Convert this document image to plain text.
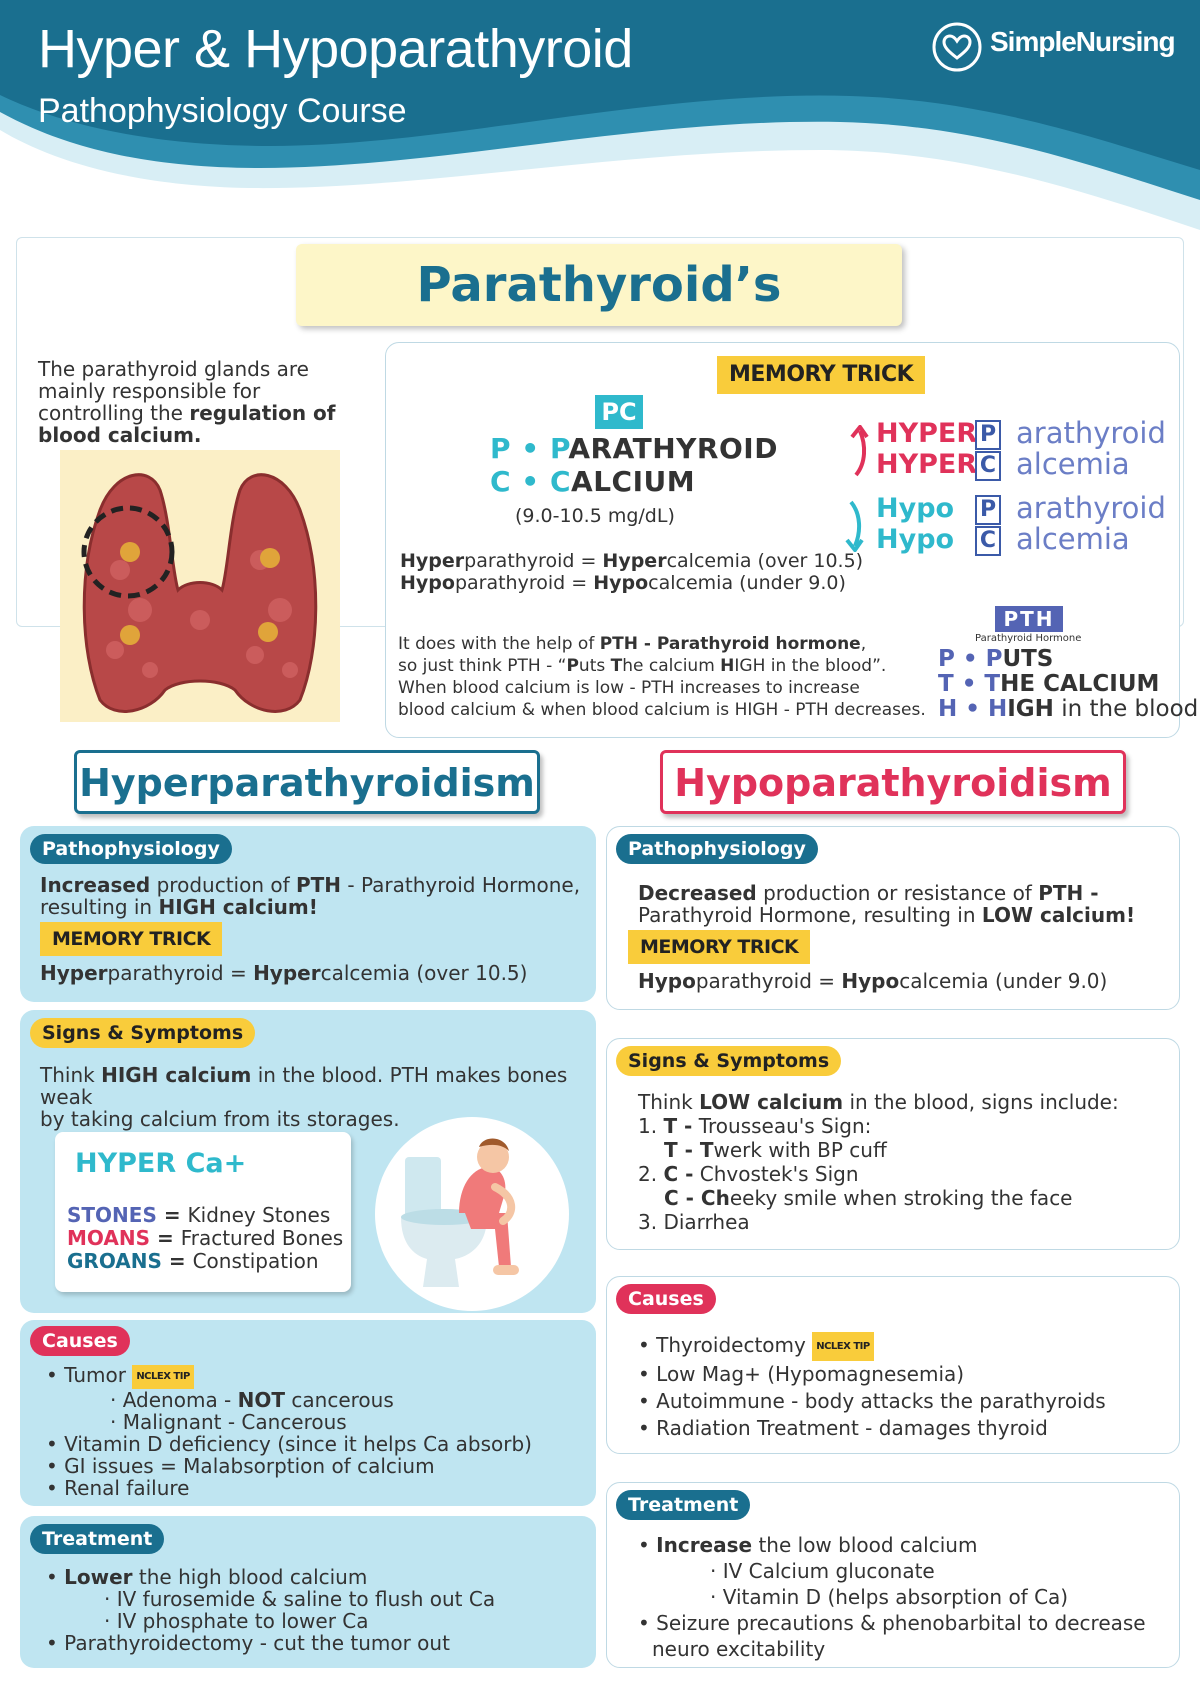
Hyper & Hypoparathyroid
Pathophysiology Course
SimpleNursing
Parathyroid’s
The parathyroid glands are mainly responsible for controlling the regulation of blood calcium.
MEMORY TRICK
PC
P • PARATHYROID
C • CALCIUM
(9.0-10.5 mg/dL)
Hyperparathyroid = Hypercalcemia (over 10.5)
Hypoparathyroid = Hypocalcemia (under 9.0)
HYPER
HYPER
P
C
arathyroid
alcemia
Hypo
Hypo
P
C
arathyroid
alcemia
It does with the help of PTH - Parathyroid hormone,
so just think PTH - “Puts The calcium HIGH in the blood”.
When blood calcium is low - PTH increases to increase
blood calcium & when blood calcium is HIGH - PTH decreases.
PTH
Parathyroid Hormone
P • PUTS
T • THE CALCIUM
H • HIGH in the blood
Hyperparathyroidism	Hypoparathyroidism
Pathophysiology
Increased production of PTH - Parathyroid Hormone,
resulting in HIGH calcium!
MEMORY TRICK
Hyperparathyroid = Hypercalcemia (over 10.5)
Signs & Symptoms
Think HIGH calcium in the blood. PTH makes bones weak
by taking calcium from its storages.
HYPER Ca+
STONES = Kidney Stones
MOANS = Fractured Bones
GROANS = Constipation
Causes
• Tumor NCLEX TIP
· Adenoma - NOT cancerous
· Malignant - Cancerous
• Vitamin D deficiency (since it helps Ca absorb)
• GI issues = Malabsorption of calcium
• Renal failure
Treatment
• Lower the high blood calcium
· IV furosemide & saline to flush out Ca
· IV phosphate to lower Ca
• Parathyroidectomy - cut the tumor out
Pathophysiology
Decreased production or resistance of PTH -
Parathyroid Hormone, resulting in LOW calcium!
MEMORY TRICK
Hypoparathyroid = Hypocalcemia (under 9.0)
Signs & Symptoms
Think LOW calcium in the blood, signs include:
1. T - Trousseau's Sign:
T - Twerk with BP cuff
2. C - Chvostek's Sign
C - Cheeky smile when stroking the face
3. Diarrhea
Causes
• Thyroidectomy NCLEX TIP
• Low Mag+ (Hypomagnesemia)
• Autoimmune - body attacks the parathyroids
• Radiation Treatment - damages thyroid
Treatment
• Increase the low blood calcium
· IV Calcium gluconate
· Vitamin D (helps absorption of Ca)
• Seizure precautions & phenobarbital to decrease
neuro excitability
